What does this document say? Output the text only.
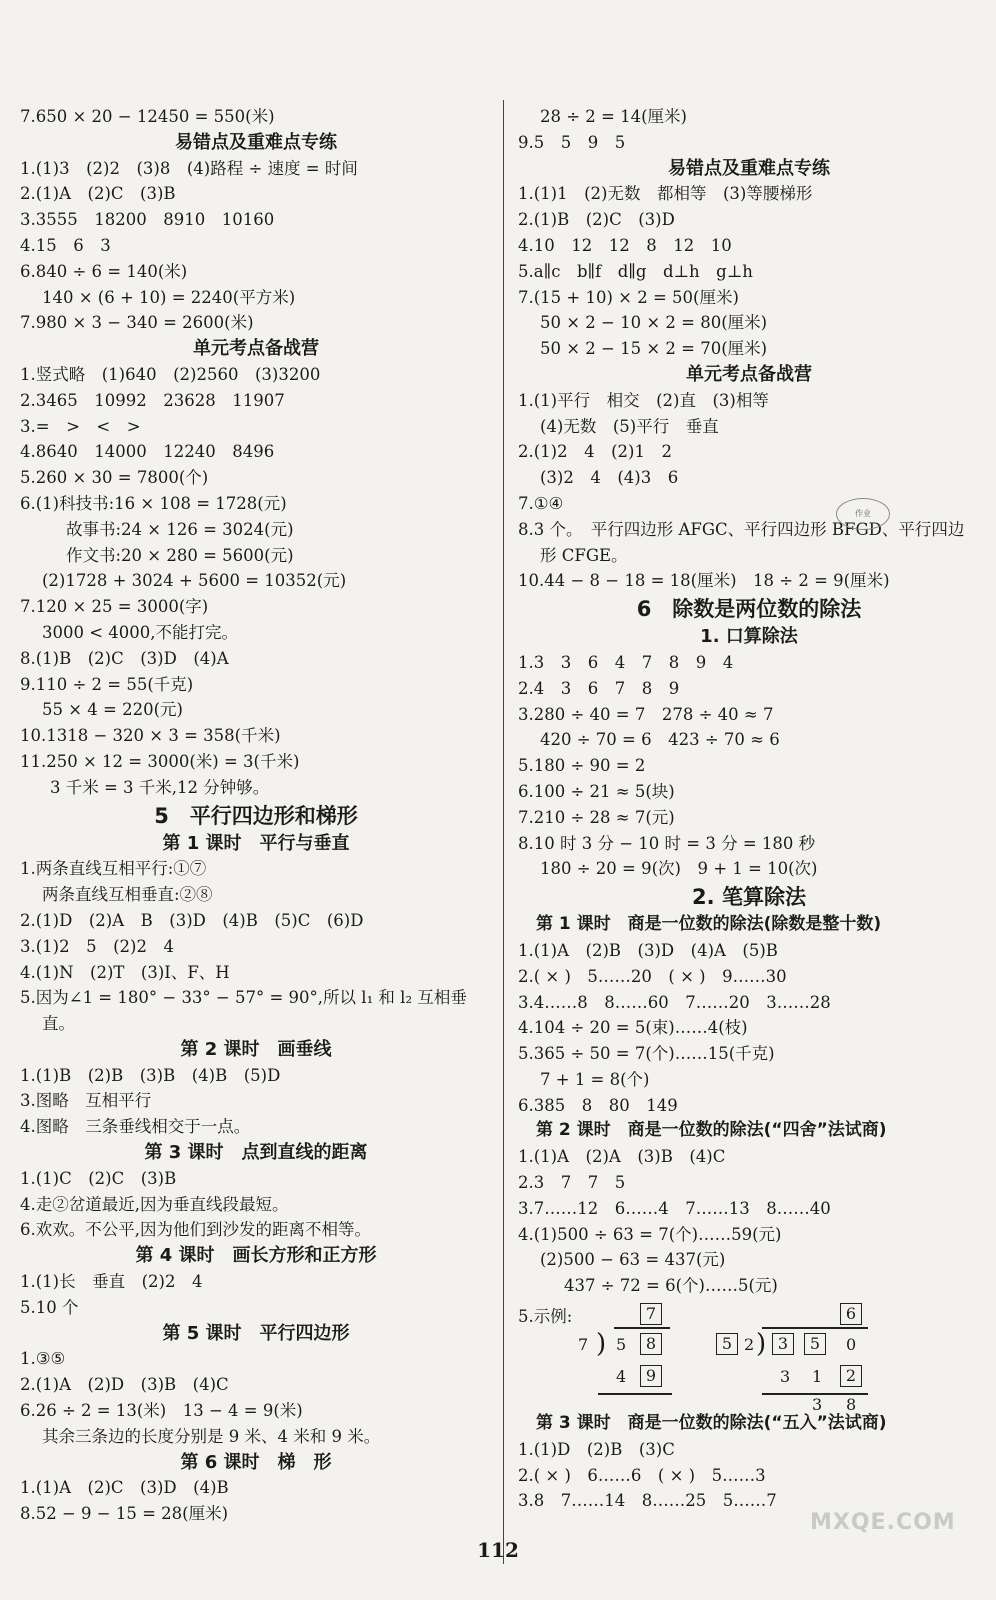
7.650 × 20 − 12450 = 550(米)
易错点及重难点专练
1.(1)3　(2)2　(3)8　(4)路程 ÷ 速度 = 时间
2.(1)A　(2)C　(3)B
3.3555　18200　8910　10160
4.15　6　3
6.840 ÷ 6 = 140(米)
140 × (6 + 10) = 2240(平方米)
7.980 × 3 − 340 = 2600(米)
单元考点备战营
1.竖式略　(1)640　(2)2560　(3)3200
2.3465　10992　23628　11907
3.=　>　<　>
4.8640　14000　12240　8496
5.260 × 30 = 7800(个)
6.(1)科技书:16 × 108 = 1728(元)
故事书:24 × 126 = 3024(元)
作文书:20 × 280 = 5600(元)
(2)1728 + 3024 + 5600 = 10352(元)
7.120 × 25 = 3000(字)
3000 < 4000,不能打完。
8.(1)B　(2)C　(3)D　(4)A
9.110 ÷ 2 = 55(千克)
55 × 4 = 220(元)
10.1318 − 320 × 3 = 358(千米)
11.250 × 12 = 3000(米) = 3(千米)
3 千米 = 3 千米,12 分钟够。
5　平行四边形和梯形
第 1 课时　平行与垂直
1.两条直线互相平行:①⑦
两条直线互相垂直:②⑧
2.(1)D　(2)A　B　(3)D　(4)B　(5)C　(6)D
3.(1)2　5　(2)2　4
4.(1)N　(2)T　(3)I、F、H
5.因为∠1 = 180° − 33° − 57° = 90°,所以 l₁ 和 l₂ 互相垂
直。
第 2 课时　画垂线
1.(1)B　(2)B　(3)B　(4)B　(5)D
3.图略　互相平行
4.图略　三条垂线相交于一点。
第 3 课时　点到直线的距离
1.(1)C　(2)C　(3)B
4.走②岔道最近,因为垂直线段最短。
6.欢欢。不公平,因为他们到沙发的距离不相等。
第 4 课时　画长方形和正方形
1.(1)长　垂直　(2)2　4
5.10 个
第 5 课时　平行四边形
1.③⑤
2.(1)A　(2)D　(3)B　(4)C
6.26 ÷ 2 = 13(米)　13 − 4 = 9(米)
其余三条边的长度分别是 9 米、4 米和 9 米。
第 6 课时　梯　形
1.(1)A　(2)C　(3)D　(4)B
8.52 − 9 − 15 = 28(厘米)
28 ÷ 2 = 14(厘米)
9.5　5　9　5
易错点及重难点专练
1.(1)1　(2)无数　都相等　(3)等腰梯形
2.(1)B　(2)C　(3)D
4.10　12　12　8　12　10
5.a∥c　b∥f　d∥g　d⊥h　g⊥h
7.(15 + 10) × 2 = 50(厘米)
50 × 2 − 10 × 2 = 80(厘米)
50 × 2 − 15 × 2 = 70(厘米)
单元考点备战营
1.(1)平行　相交　(2)直　(3)相等
(4)无数　(5)平行　垂直
2.(1)2　4　(2)1　2
(3)2　4　(4)3　6
7.①④
8.3 个。　平行四边形 AFGC、平行四边形 BFGD、平行四边
形 CFGE。
10.44 − 8 − 18 = 18(厘米)　18 ÷ 2 = 9(厘米)
6　除数是两位数的除法
1. 口算除法
1.3　3　6　4　7　8　9　4
2.4　3　6　7　8　9
3.280 ÷ 40 = 7　278 ÷ 40 ≈ 7
420 ÷ 70 = 6　423 ÷ 70 ≈ 6
5.180 ÷ 90 = 2
6.100 ÷ 21 ≈ 5(块)
7.210 ÷ 28 ≈ 7(元)
8.10 时 3 分 − 10 时 = 3 分 = 180 秒
180 ÷ 20 = 9(次)　9 + 1 = 10(次)
2. 笔算除法
第 1 课时　商是一位数的除法(除数是整十数)
1.(1)A　(2)B　(3)D　(4)A　(5)B
2.( × )　5……20　( × )　9……30
3.4……8　8……60　7……20　3……28
4.104 ÷ 20 = 5(束)……4(枝)
5.365 ÷ 50 = 7(个)……15(千克)
7 + 1 = 8(个)
6.385　8　80　149
第 2 课时　商是一位数的除法(“四舍”法试商)
1.(1)A　(2)A　(3)B　(4)C
2.3　7　7　5
3.7……12　6……4　7……13　8……40
4.(1)500 ÷ 63 = 7(个)……59(元)
(2)500 − 63 = 437(元)
437 ÷ 72 = 6(个)……5(元)
5.示例:	7
7 ) 5	8
4	9
6
5 2 ) 3	5	0
3 1	2
3 8
第 3 课时　商是一位数的除法(“五入”法试商)
1.(1)D　(2)B　(3)C
2.( × )　6……6　( × )　5……3
3.8　7……14　8……25　5……7
作业
112
MXQE.COM
